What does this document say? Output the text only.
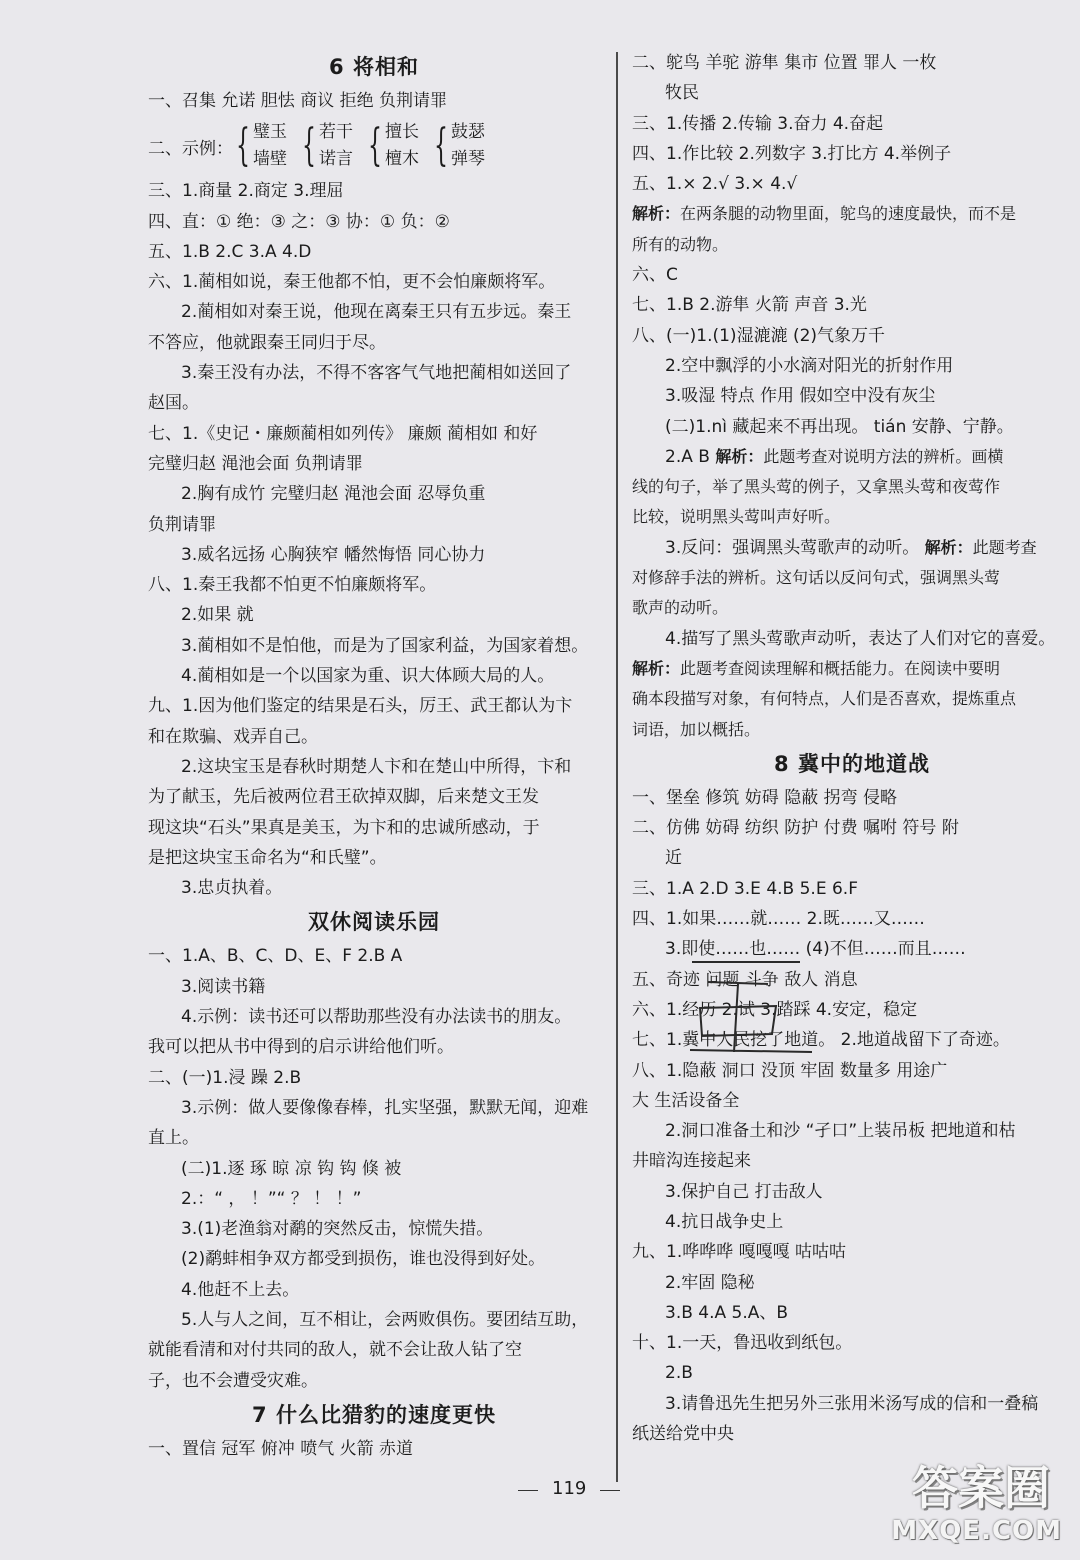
6 将相和
一、召集 允诺 胆怯 商议 拒绝 负荆请罪
二、示例： { 璧玉
墙壁 { 若干
诺言 { 擅长
檀木 { 鼓瑟
弹琴
三、1.商量 2.商定 3.理屈
四、直：① 绝：③ 之：③ 协：① 负：②
五、1.B 2.C 3.A 4.D
六、1.蔺相如说，秦王他都不怕，更不会怕廉颇将军。
2.蔺相如对秦王说，他现在离秦王只有五步远。秦王
不答应，他就跟秦王同归于尽。
3.秦王没有办法，不得不客客气气地把蔺相如送回了
赵国。
七、1.《史记・廉颇蔺相如列传》 廉颇 蔺相如 和好
完璧归赵 渑池会面 负荆请罪
2.胸有成竹 完璧归赵 渑池会面 忍辱负重
负荆请罪
3.威名远扬 心胸狭窄 幡然悔悟 同心协力
八、1.秦王我都不怕更不怕廉颇将军。
2.如果 就
3.蔺相如不是怕他，而是为了国家利益，为国家着想。
4.蔺相如是一个以国家为重、识大体顾大局的人。
九、1.因为他们鉴定的结果是石头，厉王、武王都认为卞
和在欺骗、戏弄自己。
2.这块宝玉是春秋时期楚人卞和在楚山中所得，卞和
为了献玉，先后被两位君王砍掉双脚，后来楚文王发
现这块“石头”果真是美玉，为卞和的忠诚所感动，于
是把这块宝玉命名为“和氏璧”。
3.忠贞执着。
双休阅读乐园
一、1.A、B、C、D、E、F 2.B A
3.阅读书籍
4.示例：读书还可以帮助那些没有办法读书的朋友。
我可以把从书中得到的启示讲给他们听。
二、(一)1.浸 躁 2.B
3.示例：做人要像像春棒，扎实坚强，默默无闻，迎难
直上。
(二)1.逐 琢 晾 凉 钩 钩 倏 被
2.：“ ， ！”“ ？ ！ ！”
3.(1)老渔翁对鹬的突然反击，惊慌失措。
(2)鹬蚌相争双方都受到损伤，谁也没得到好处。
4.他赶不上去。
5.人与人之间，互不相让，会两败俱伤。要团结互助，
就能看清和对付共同的敌人，就不会让敌人钻了空
子，也不会遭受灾难。
7 什么比猎豹的速度更快
一、置信 冠军 俯冲 喷气 火箭 赤道
二、鸵鸟 羊驼 游隼 集市 位置 罪人 一枚
牧民
三、1.传播 2.传输 3.奋力 4.奋起
四、1.作比较 2.列数字 3.打比方 4.举例子
五、1.× 2.√ 3.× 4.√
解析：在两条腿的动物里面，鸵鸟的速度最快，而不是
所有的动物。
六、C
七、1.B 2.游隼 火箭 声音 3.光
八、(一)1.(1)湿漉漉 (2)气象万千
2.空中飘浮的小水滴对阳光的折射作用
3.吸湿 特点 作用 假如空中没有灰尘
(二)1.nì 藏起来不再出现。 tián 安静、宁静。
2.A B 解析：此题考查对说明方法的辨析。画横
线的句子，举了黑头莺的例子，又拿黑头莺和夜莺作
比较，说明黑头莺叫声好听。
3.反问：强调黑头莺歌声的动听。 解析：此题考查
对修辞手法的辨析。这句话以反问句式，强调黑头莺
歌声的动听。
4.描写了黑头莺歌声动听，表达了人们对它的喜爱。
解析：此题考查阅读理解和概括能力。在阅读中要明
确本段描写对象，有何特点，人们是否喜欢，提炼重点
词语，加以概括。
8 冀中的地道战
一、堡垒 修筑 妨碍 隐蔽 拐弯 侵略
二、仿佛 妨碍 纺织 防护 付费 嘱咐 符号 附
近
三、1.A 2.D 3.E 4.B 5.E 6.F
四、1.如果……就…… 2.既……又……
3.即使……也…… (4)不但……而且……
五、奇迹 问题 斗争 敌人 消息
六、1.经历 2.试 3.踏踩 4.安定，稳定
七、1.冀中人民挖了地道。 2.地道战留下了奇迹。
八、1.隐蔽 洞口 没顶 牢固 数量多 用途广
大 生活设备全
2.洞口准备土和沙 “孑口”上装吊板 把地道和枯
井暗沟连接起来
3.保护自己 打击敌人
4.抗日战争史上
九、1.哗哗哗 嘎嘎嘎 咕咕咕
2.牢固 隐秘
3.B 4.A 5.A、B
十、1.一天，鲁迅收到纸包。
2.B
3.请鲁迅先生把另外三张用米汤写成的信和一叠稿
纸送给党中央
119	答案圈
MXQE.COM
